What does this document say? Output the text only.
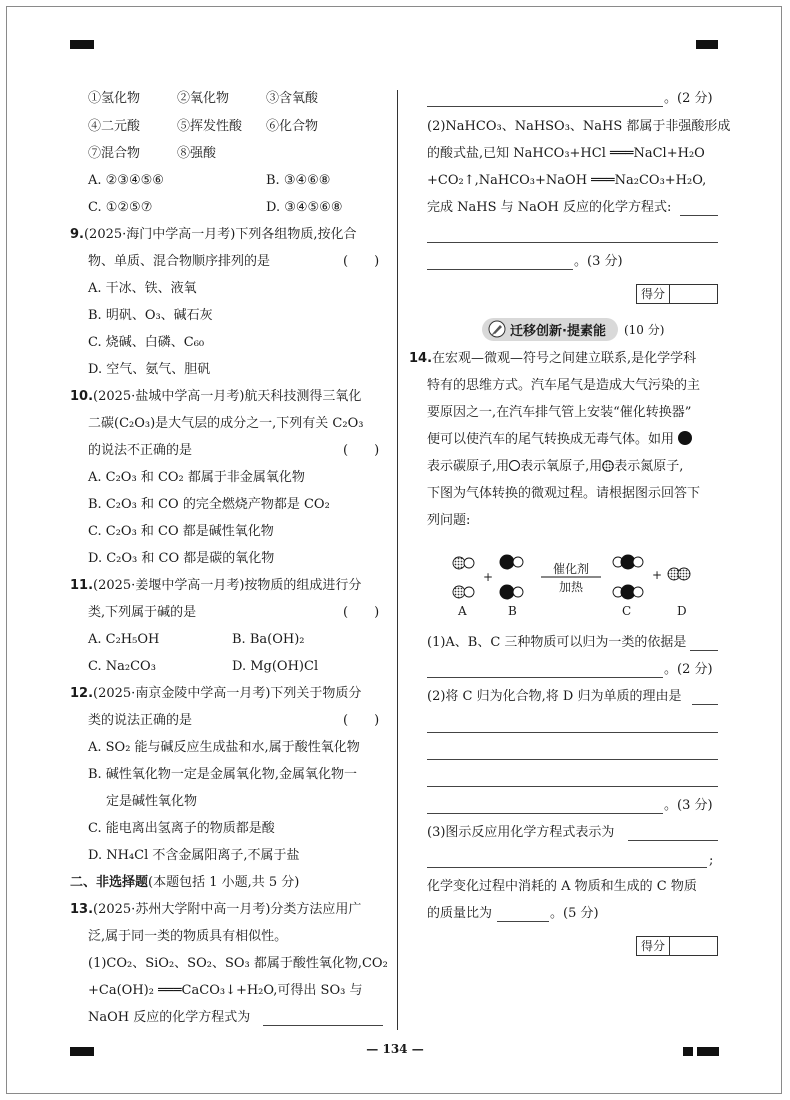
①氢化物	②氧化物	③含氧酸
④二元酸	⑤挥发性酸 ⑥化合物
⑦混合物	⑧强酸
A. ②③④⑤⑥	B. ③④⑥⑧
C. ①②⑤⑦	D. ③④⑤⑥⑧
9.(2025·海门中学高一月考)下列各组物质,按化合
物、单质、混合物顺序排列的是	(　　)
A. 干冰、铁、液氧
B. 明矾、O₃、碱石灰
C. 烧碱、白磷、C₆₀
D. 空气、氨气、胆矾
10.(2025·盐城中学高一月考)航天科技测得三氧化
二碳(C₂O₃)是大气层的成分之一,下列有关 C₂O₃
的说法不正确的是	(　　)
A. C₂O₃ 和 CO₂ 都属于非金属氧化物
B. C₂O₃ 和 CO 的完全燃烧产物都是 CO₂
C. C₂O₃ 和 CO 都是碱性氧化物
D. C₂O₃ 和 CO 都是碳的氧化物
11.(2025·姜堰中学高一月考)按物质的组成进行分
类,下列属于碱的是	(　　)
A. C₂H₅OH	B. Ba(OH)₂
C. Na₂CO₃	D. Mg(OH)Cl
12.(2025·南京金陵中学高一月考)下列关于物质分
类的说法正确的是	(　　)
A. SO₂ 能与碱反应生成盐和水,属于酸性氧化物
B. 碱性氧化物一定是金属氧化物,金属氧化物一
定是碱性氧化物
C. 能电离出氢离子的物质都是酸
D. NH₄Cl 不含金属阳离子,不属于盐
二、非选择题(本题包括 1 小题,共 5 分)
13.(2025·苏州大学附中高一月考)分类方法应用广
泛,属于同一类的物质具有相似性。
(1)CO₂、SiO₂、SO₂、SO₃ 都属于酸性氧化物,CO₂
+Ca(OH)₂ ═══CaCO₃↓+H₂O,可得出 SO₃ 与
NaOH 反应的化学方程式为
。(2 分)
(2)NaHCO₃、NaHSO₃、NaHS 都属于非强酸形成
的酸式盐,已知 NaHCO₃+HCl ═══NaCl+H₂O
+CO₂↑,NaHCO₃+NaOH ═══Na₂CO₃+H₂O,
完成 NaHS 与 NaOH 反应的化学方程式:
。(3 分)
得分
迁移创新·提素能 (10 分)
14.在宏观—微观—符号之间建立联系,是化学学科
特有的思维方式。汽车尾气是造成大气污染的主
要原因之一,在汽车排气管上安装“催化转换器”
便可以使汽车的尾气转换成无毒气体。如用
表示碳原子,用 表示氧原子,用 表示氮原子,
下图为气体转换的微观过程。请根据图示回答下
列问题:
+	+
催化剂
加热
A	B	C	D
(1)A、B、C 三种物质可以归为一类的依据是
。(2 分)
(2)将 C 归为化合物,将 D 归为单质的理由是
。(3 分)
(3)图示反应用化学方程式表示为
;
化学变化过程中消耗的 A 物质和生成的 C 物质
的质量比为	。(5 分)
得分
— 134 —
